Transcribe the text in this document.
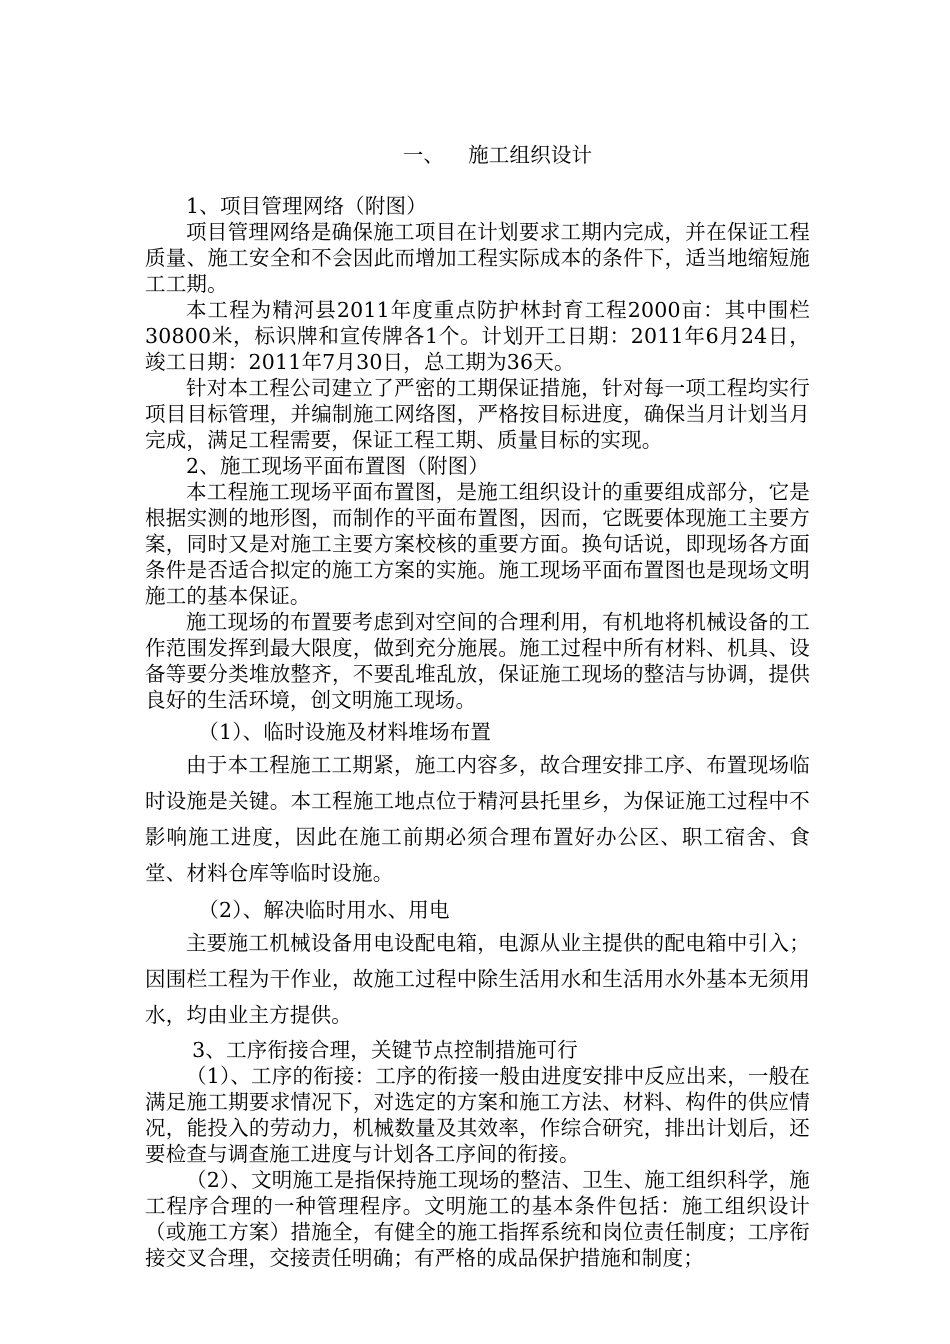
一、 施工组织设计

1、项目管理网络（附图）

项目管理网络是确保施工项目在计划要求工期内完成，并在保证工程质量、施工安全和不会因此而增加工程实际成本的条件下，适当地缩短施工工期。

本工程为精河县2011年度重点防护林封育工程2000亩：其中围栏30800米，标识牌和宣传牌各1个。计划开工日期：2011年6月24日，竣工日期：2011年7月30日，总工期为36天。

针对本工程公司建立了严密的工期保证措施，针对每一项工程均实行项目目标管理，并编制施工网络图，严格按目标进度，确保当月计划当月完成，满足工程需要，保证工程工期、质量目标的实现。

2、施工现场平面布置图（附图）

本工程施工现场平面布置图，是施工组织设计的重要组成部分，它是根据实测的地形图，而制作的平面布置图，因而，它既要体现施工主要方案，同时又是对施工主要方案校核的重要方面。换句话说，即现场各方面条件是否适合拟定的施工方案的实施。施工现场平面布置图也是现场文明施工的基本保证。

施工现场的布置要考虑到对空间的合理利用，有机地将机械设备的工作范围发挥到最大限度，做到充分施展。施工过程中所有材料、机具、设备等要分类堆放整齐，不要乱堆乱放，保证施工现场的整洁与协调，提供良好的生活环境，创文明施工现场。

（1）、临时设施及材料堆场布置

由于本工程施工工期紧，施工内容多，故合理安排工序、布置现场临时设施是关键。本工程施工地点位于精河县托里乡，为保证施工过程中不影响施工进度，因此在施工前期必须合理布置好办公区、职工宿舍、食堂、材料仓库等临时设施。

（2）、解决临时用水、用电

主要施工机械设备用电设配电箱，电源从业主提供的配电箱中引入；因围栏工程为干作业，故施工过程中除生活用水和生活用水外基本无须用水，均由业主方提供。

3、工序衔接合理，关键节点控制措施可行

（1）、工序的衔接：工序的衔接一般由进度安排中反应出来，一般在满足施工期要求情况下，对选定的方案和施工方法、材料、构件的供应情况，能投入的劳动力，机械数量及其效率，作综合研究，排出计划后，还要检查与调查施工进度与计划各工序间的衔接。

（2）、文明施工是指保持施工现场的整洁、卫生、施工组织科学，施工程序合理的一种管理程序。文明施工的基本条件包括：施工组织设计（或施工方案）措施全，有健全的施工指挥系统和岗位责任制度；工序衔接交叉合理，交接责任明确；有严格的成品保护措施和制度；
